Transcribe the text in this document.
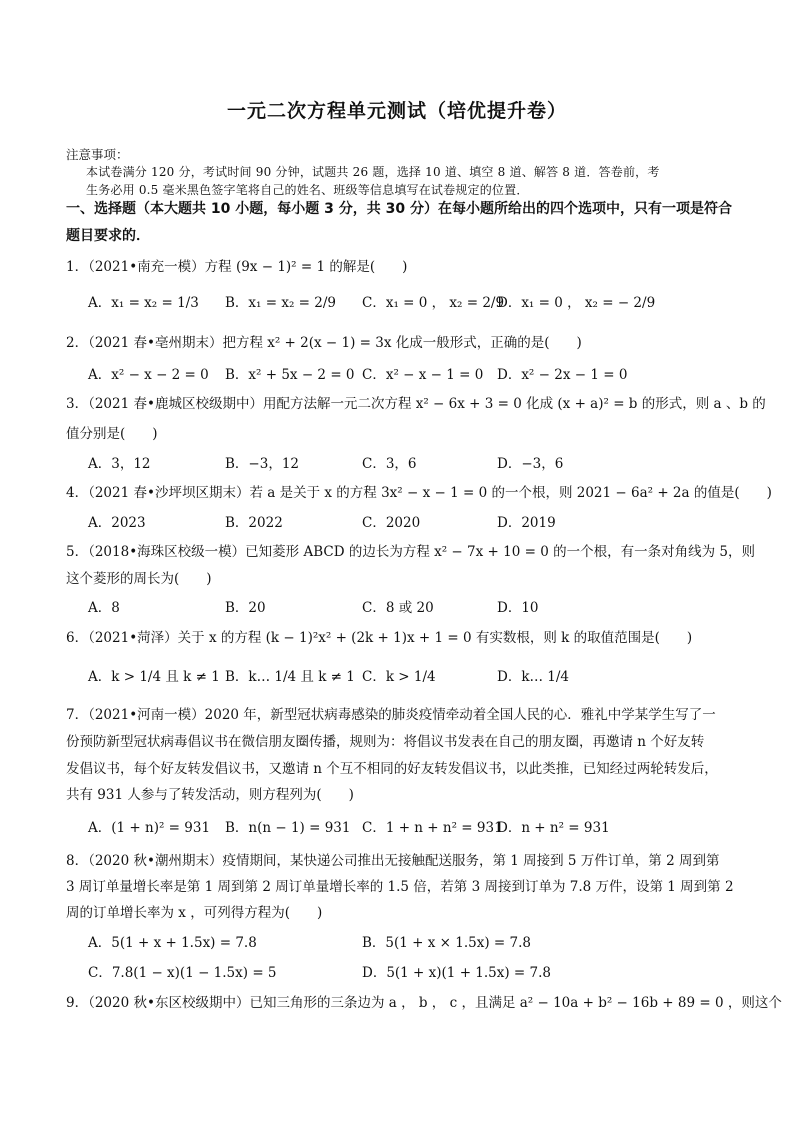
一元二次方程单元测试（培优提升卷）
注意事项：
本试卷满分 120 分，考试时间 90 分钟，试题共 26 题，选择 10 道、填空 8 道、解答 8 道．答卷前，考
生务必用 0.5 毫米黑色签字笔将自己的姓名、班级等信息填写在试卷规定的位置．
一、选择题（本大题共 10 小题，每小题 3 分，共 30 分）在每小题所给出的四个选项中，只有一项是符合
题目要求的．
1．（2021•南充一模）方程 (9x − 1)² = 1 的解是(　　)
A．x₁ = x₂ = 1/3 B．x₁ = x₂ = 2/9 C．x₁ = 0 ， x₂ = 2/9
D．x₁ = 0 ， x₂ = − 2/9
2．（2021 春•亳州期末）把方程 x² + 2(x − 1) = 3x 化成一般形式，正确的是(　　)
A．x² − x − 2 = 0 B．x² + 5x − 2 = 0 C．x² − x − 1 = 0 D．x² − 2x − 1 = 0
3．（2021 春•鹿城区校级期中）用配方法解一元二次方程 x² − 6x + 3 = 0 化成 (x + a)² = b 的形式，则 a 、b 的
值分别是(　　)
A．3，12	B．−3，12	C．3，6	D．−3，6
4．（2021 春•沙坪坝区期末）若 a 是关于 x 的方程 3x² − x − 1 = 0 的一个根，则 2021 − 6a² + 2a 的值是(　　)
A．2023	B．2022	C．2020	D．2019
5．（2018•海珠区校级一模）已知菱形 ABCD 的边长为方程 x² − 7x + 10 = 0 的一个根，有一条对角线为 5，则
这个菱形的周长为(　　)
A．8	B．20	C．8 或 20	D．10
6．（2021•菏泽）关于 x 的方程 (k − 1)²x² + (2k + 1)x + 1 = 0 有实数根，则 k 的取值范围是(　　)
A．k > 1/4 且 k ≠ 1 B．k… 1/4 且 k ≠ 1 C．k > 1/4	D．k… 1/4
7．（2021•河南一模）2020 年，新型冠状病毒感染的肺炎疫情牵动着全国人民的心．雅礼中学某学生写了一
份预防新型冠状病毒倡议书在微信朋友圈传播，规则为：将倡议书发表在自己的朋友圈，再邀请 n 个好友转
发倡议书，每个好友转发倡议书，又邀请 n 个互不相同的好友转发倡议书，以此类推，已知经过两轮转发后，
共有 931 人参与了转发活动，则方程列为(　　)
A．(1 + n)² = 931 B．n(n − 1) = 931 C．1 + n + n² = 931
D．n + n² = 931
8．（2020 秋•潮州期末）疫情期间，某快递公司推出无接触配送服务，第 1 周接到 5 万件订单，第 2 周到第
3 周订单量增长率是第 1 周到第 2 周订单量增长率的 1.5 倍，若第 3 周接到订单为 7.8 万件，设第 1 周到第 2
周的订单增长率为 x ，可列得方程为(　　)
A．5(1 + x + 1.5x) = 7.8	B．5(1 + x × 1.5x) = 7.8
C．7.8(1 − x)(1 − 1.5x) = 5	D．5(1 + x)(1 + 1.5x) = 7.8
9．（2020 秋•东区校级期中）已知三角形的三条边为 a ， b ， c ，且满足 a² − 10a + b² − 16b + 89 = 0 ，则这个
